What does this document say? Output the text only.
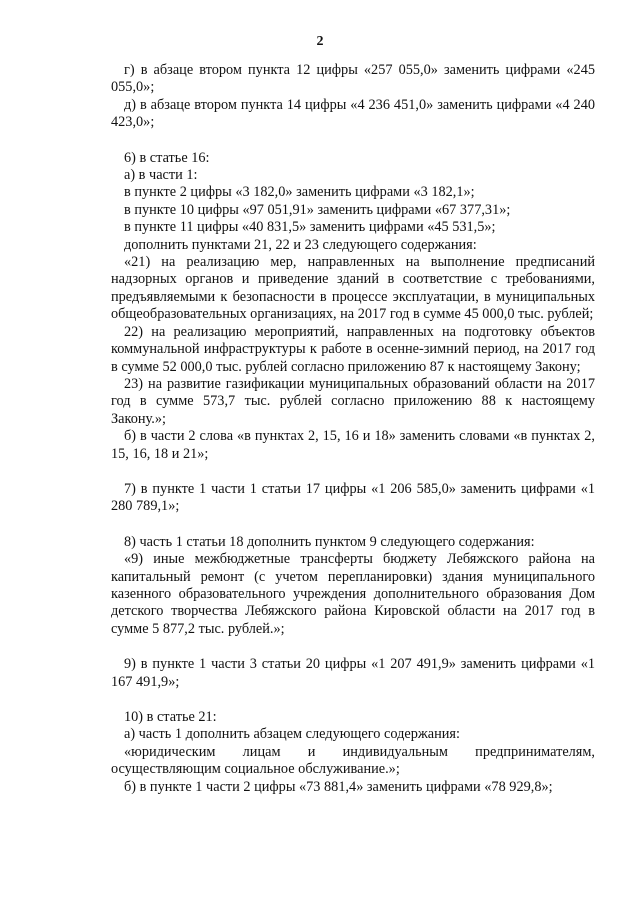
2

г) в абзаце втором пункта 12 цифры «257 055,0» заменить цифрами «245 055,0»;

д) в абзаце втором пункта 14 цифры «4 236 451,0» заменить цифрами «4 240 423,0»;

6) в статье 16:

а) в части 1:

в пункте 2 цифры «3 182,0» заменить цифрами «3 182,1»;

в пункте 10 цифры «97 051,91» заменить цифрами «67 377,31»;

в пункте 11 цифры «40 831,5» заменить цифрами «45 531,5»;

дополнить пунктами 21, 22 и 23 следующего содержания:

«21) на реализацию мер, направленных на выполнение предписаний надзорных органов и приведение зданий в соответствие с требованиями, предъявляемыми к безопасности в процессе эксплуатации, в муниципальных общеобразовательных организациях, на 2017 год в сумме 45 000,0 тыс. рублей;

22) на реализацию мероприятий, направленных на подготовку объектов коммунальной инфраструктуры к работе в осенне-зимний период, на 2017 год в сумме 52 000,0 тыс. рублей согласно приложению 87 к настоящему Закону;

23) на развитие газификации муниципальных образований области на 2017 год в сумме 573,7 тыс. рублей согласно приложению 88 к настоящему Закону.»;

б) в части 2 слова «в пунктах 2, 15, 16 и 18» заменить словами «в пунктах 2, 15, 16, 18 и 21»;

7) в пункте 1 части 1 статьи 17 цифры «1 206 585,0» заменить цифрами «1 280 789,1»;

8) часть 1 статьи 18 дополнить пунктом 9 следующего содержания:

«9) иные межбюджетные трансферты бюджету Лебяжского района на капитальный ремонт (с учетом перепланировки) здания муниципального казенного образовательного учреждения дополнительного образования Дом детского творчества Лебяжского района Кировской области на 2017 год в сумме 5 877,2 тыс. рублей.»;

9) в пункте 1 части 3 статьи 20 цифры «1 207 491,9» заменить цифрами «1 167 491,9»;

10) в статье 21:

а) часть 1 дополнить абзацем следующего содержания:

«юридическим лицам и индивидуальным предпринимателям, осуществляющим социальное обслуживание.»;

б) в пункте 1 части 2 цифры «73 881,4» заменить цифрами «78 929,8»;
